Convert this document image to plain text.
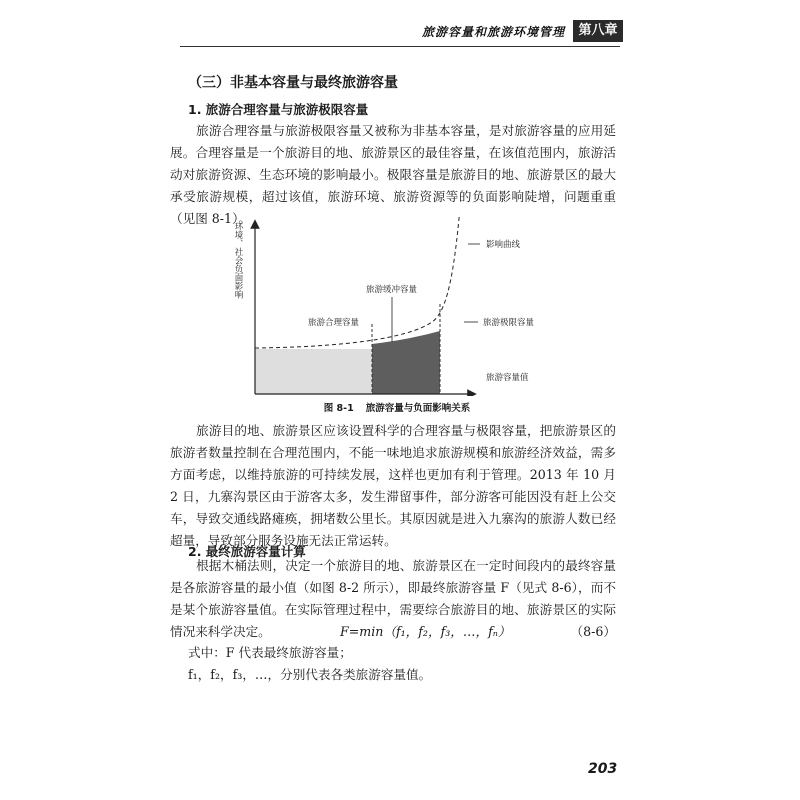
旅游容量和旅游环境管理	第八章
（三）非基本容量与最终旅游容量
1. 旅游合理容量与旅游极限容量

旅游合理容量与旅游极限容量又被称为非基本容量，是对旅游容量的应用延展。合理容量是一个旅游目的地、旅游景区的最佳容量，在该值范围内，旅游活动对旅游资源、生态环境的影响最小。极限容量是旅游目的地、旅游景区的最大承受旅游规模，超过该值，旅游环境、旅游资源等的负面影响陡增，问题重重（见图 8-1）。

影响曲线
旅游缓冲容量
旅游合理容量	旅游极限容量
旅游容量值
环境、社会负面影响
图 8-1 旅游容量与负面影响关系

旅游目的地、旅游景区应该设置科学的合理容量与极限容量，把旅游景区的旅游者数量控制在合理范围内，不能一味地追求旅游规模和旅游经济效益，需多方面考虑，以维持旅游的可持续发展，这样也更加有利于管理。2013 年 10 月 2 日，九寨沟景区由于游客太多，发生滞留事件，部分游客可能因没有赶上公交车，导致交通线路瘫痪，拥堵数公里长。其原因就是进入九寨沟的旅游人数已经超量，导致部分服务设施无法正常运转。

2. 最终旅游容量计算

根据木桶法则，决定一个旅游目的地、旅游景区在一定时间段内的最终容量是各旅游容量的最小值（如图 8-2 所示），即最终旅游容量 F（见式 8-6），而不是某个旅游容量值。在实际管理过程中，需要综合旅游目的地、旅游景区的实际情况来科学决定。	F=min（f₁，f₂，f₃，…，fₙ）	（8-6）
式中：F 代表最终旅游容量；
f₁，f₂，f₃，…，分别代表各类旅游容量值。
203
